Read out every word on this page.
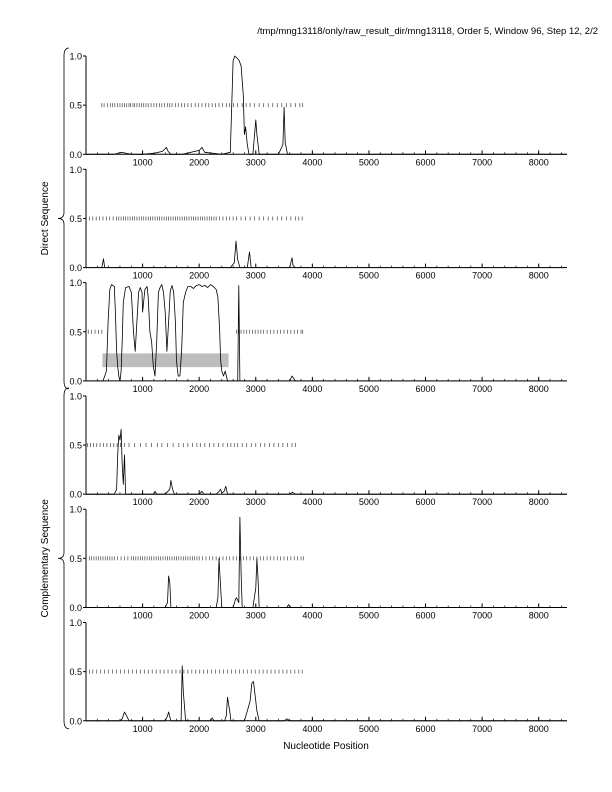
/tmp/mng13118/only/raw_result_dir/mng13118, Order 5, Window 96, Step 12, 2/2
0.0
0.5
1.0
1000	2000	3000	4000	5000	6000	7000	8000
0.0
0.5
1.0
1000	2000	3000	4000	5000	6000	7000	8000
0.0
0.5
1.0
1000	2000	3000	4000	5000	6000	7000	8000
0.0
0.5
1.0
1000	2000	3000	4000	5000	6000	7000	8000
0.0
0.5
1.0
1000	2000	3000	4000	5000	6000	7000	8000
0.0
0.5
1.0
1000	2000	3000	4000	5000	6000	7000	8000
Direct Sequence
Complementary Sequence
Nucleotide Position
